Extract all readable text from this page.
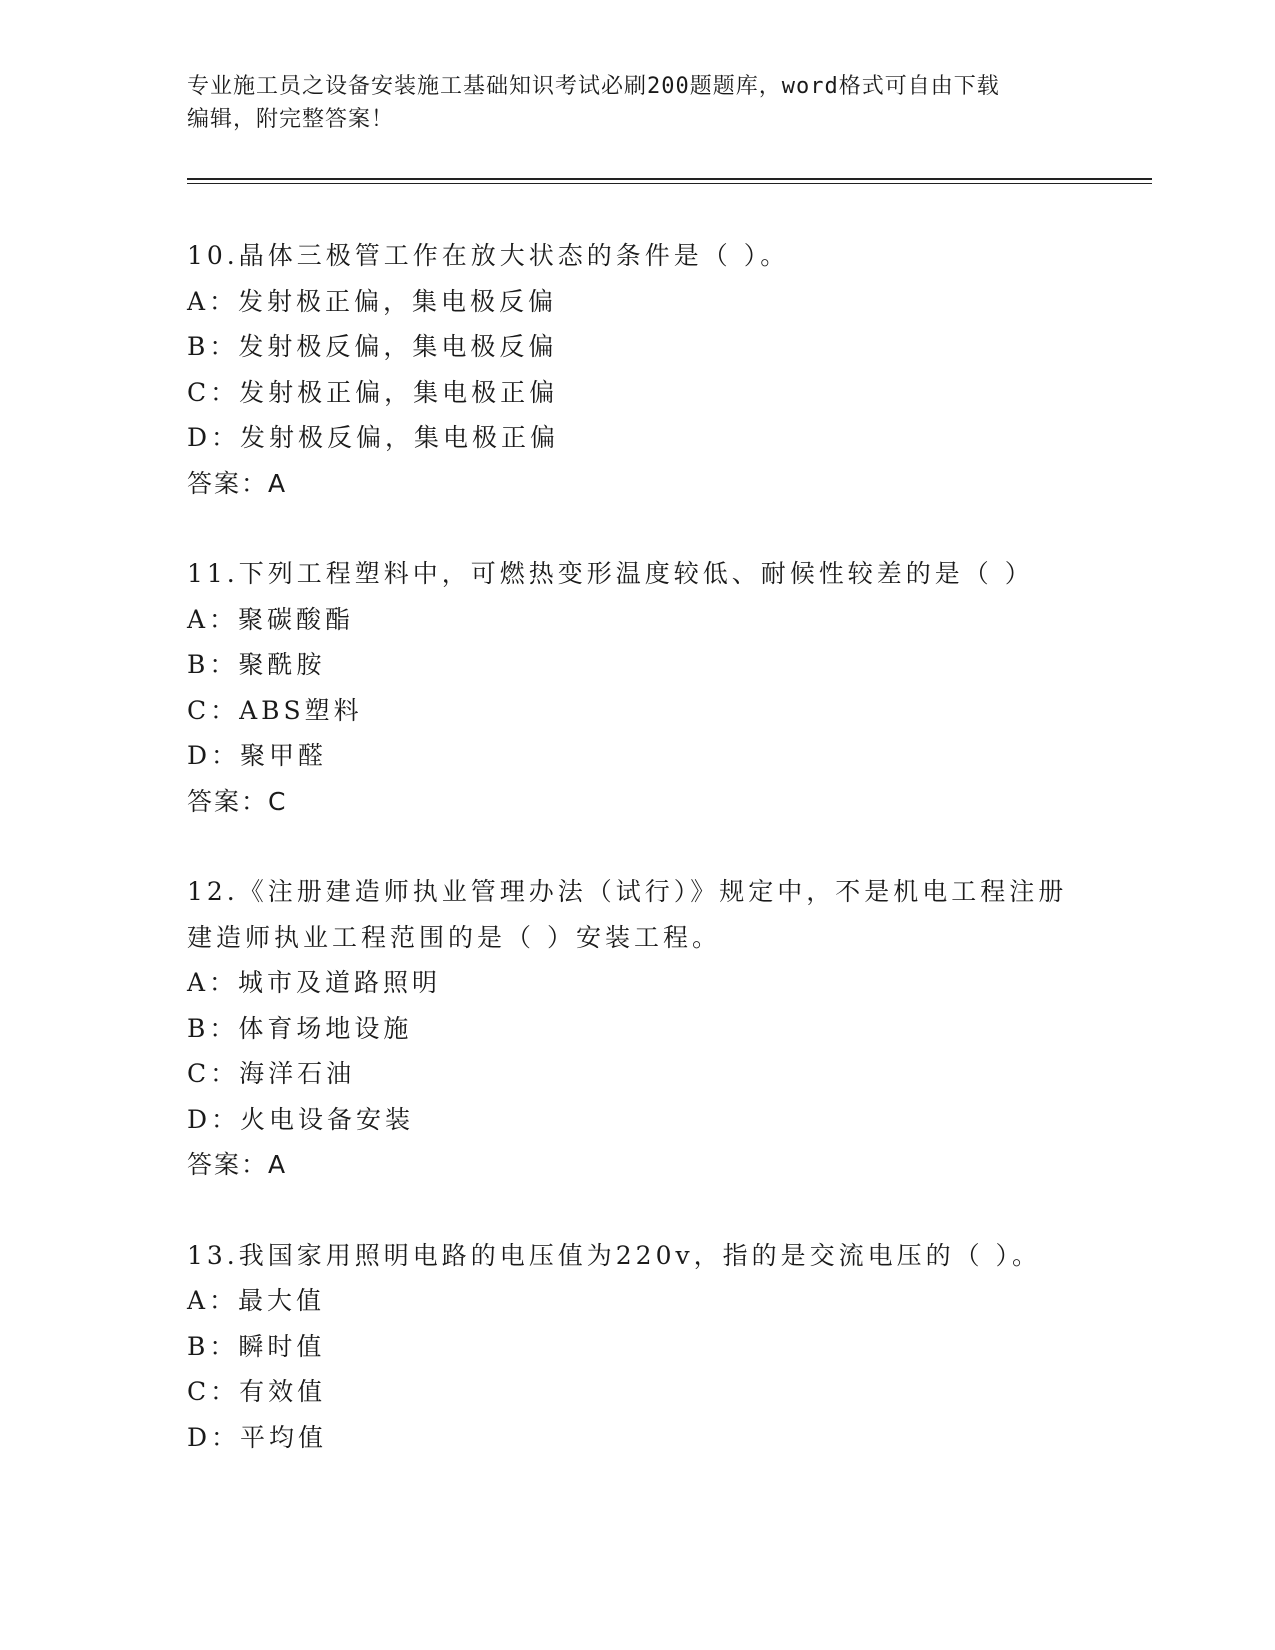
专业施工员之设备安装施工基础知识考试必刷200题题库，word格式可自由下载
编辑，附完整答案！
10.晶体三极管工作在放大状态的条件是（ ）。
A：发射极正偏，集电极反偏
B：发射极反偏，集电极反偏
C：发射极正偏，集电极正偏
D：发射极反偏，集电极正偏
答案：A
11.下列工程塑料中，可燃热变形温度较低、耐候性较差的是（ ）
A：聚碳酸酯
B：聚酰胺
C：ABS塑料
D：聚甲醛
答案：C
12.《注册建造师执业管理办法（试行）》规定中，不是机电工程注册建造师执业工程范围的是（ ）安装工程。
A：城市及道路照明
B：体育场地设施
C：海洋石油
D：火电设备安装
答案：A
13.我国家用照明电路的电压值为220v，指的是交流电压的（ ）。
A：最大值
B：瞬时值
C：有效值
D：平均值
